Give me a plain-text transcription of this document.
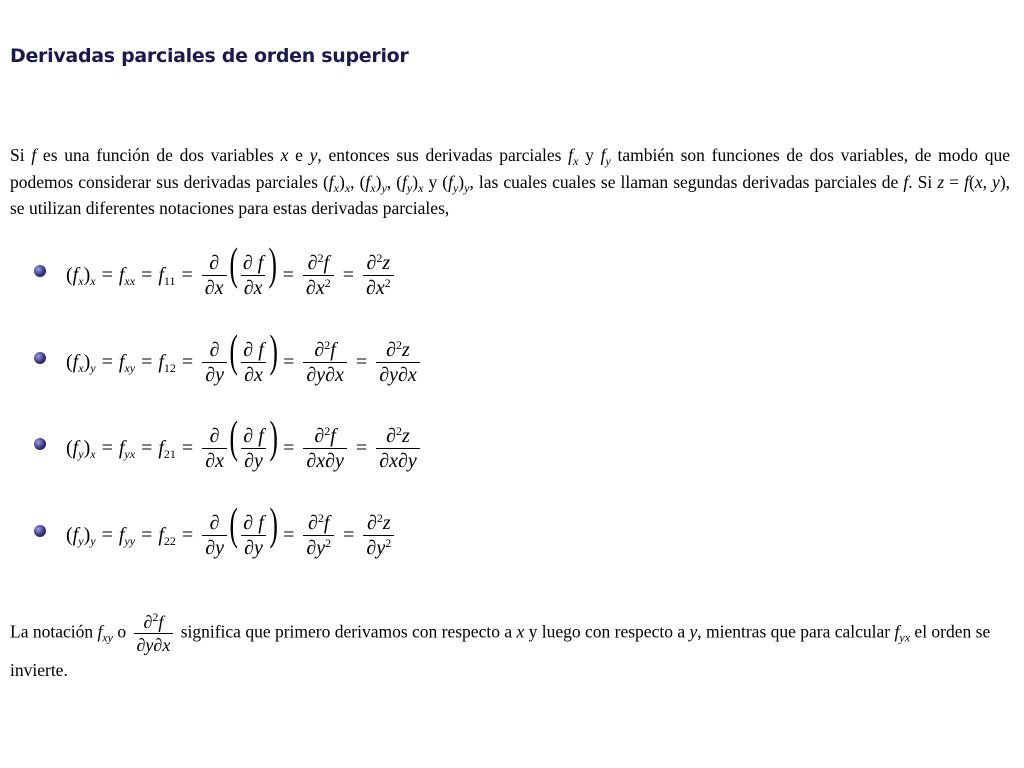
Derivadas parciales de orden superior

Si f es una función de dos variables x e y, entonces sus derivadas parciales $f_x$ y $f_y$ también son funciones de dos variables, de modo que podemos considerar sus derivadas parciales $(f_x)_x$, $(f_x)_y$, $(f_y)_x$ y $(f_y)_y$, las cuales cuales se llaman segundas derivadas parciales de f. Si z = f(x, y), se utilizan diferentes notaciones para estas derivadas parciales,

$(f_x)_x = f_{xx} = f_{11} = \frac{\partial}{\partial x}$ ( $\frac{\partial f}{\partial x}$ ) = $\frac{\partial^2f}{\partial x^2} = \frac{\partial^2z}{\partial x^2}$
$(f_x)_y = f_{xy} = f_{12} = \frac{\partial}{\partial y}$ ( $\frac{\partial f}{\partial x}$ ) = $\frac{\partial^2f}{\partial y\partial x} = \frac{\partial^2z}{\partial y\partial x}$
$(f_y)_x = f_{yx} = f_{21} = \frac{\partial}{\partial x}$ ( $\frac{\partial f}{\partial y}$ ) = $\frac{\partial^2f}{\partial x\partial y} = \frac{\partial^2z}{\partial x\partial y}$
$(f_y)_y = f_{yy} = f_{22} = \frac{\partial}{\partial y}$ ( $\frac{\partial f}{\partial y}$ ) = $\frac{\partial^2f}{\partial y^2} = \frac{\partial^2z}{\partial y^2}$

La notación $f_{xy}$ o $\frac{\partial^2f}{\partial y\partial x}$ significa que primero derivamos con respecto a x y luego con respecto a y, mientras que para calcular $f_{yx}$ el orden se invierte.
